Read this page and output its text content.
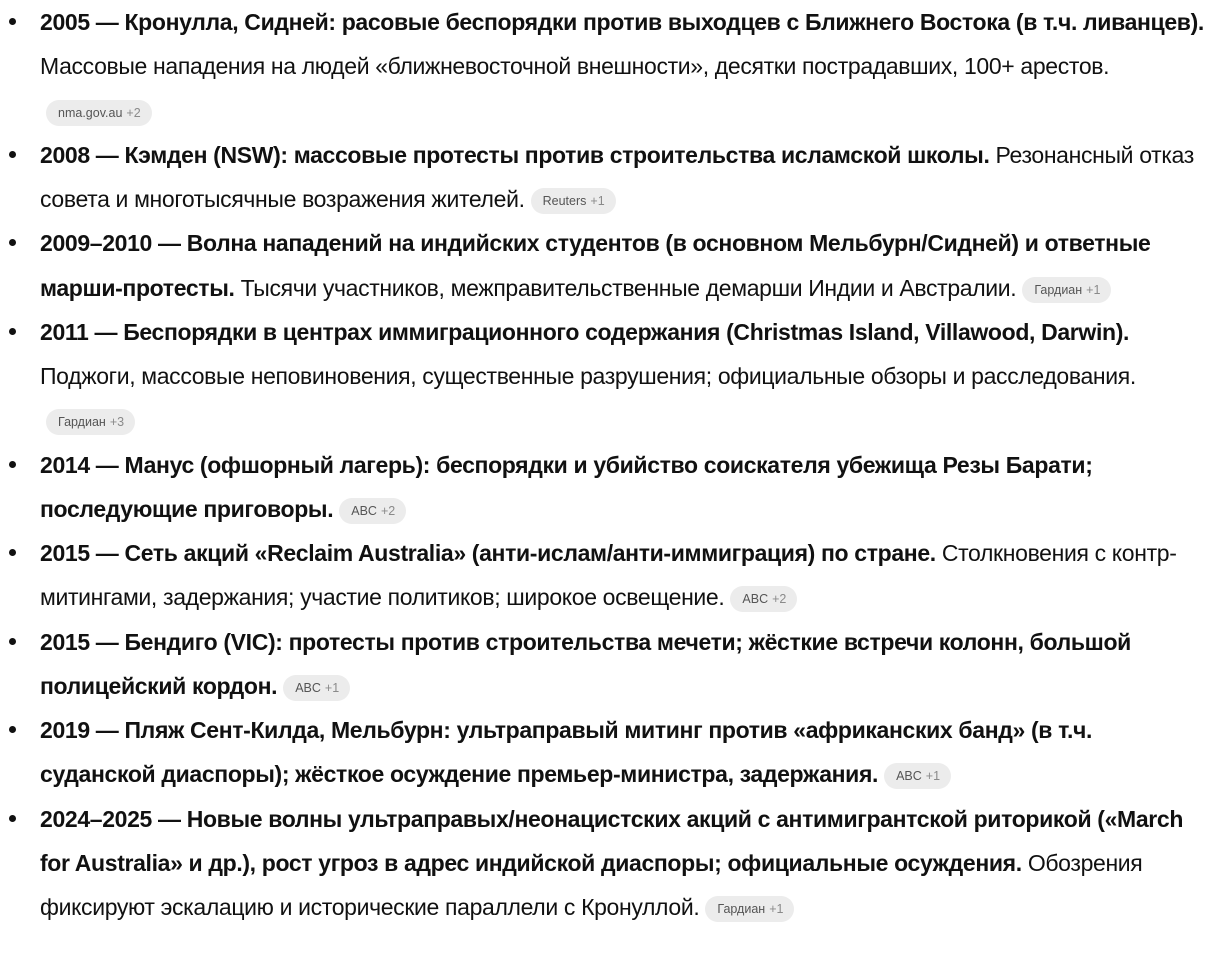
2005 — Кронулла, Сидней: расовые беспорядки против выходцев с Ближнего Востока (в т.ч. ливанцев). Массовые нападения на людей «ближневосточной внешности», десятки пострадавших, 100+ арестов.nma.gov.au +2
2008 — Кэмден (NSW): массовые протесты против строительства исламской школы. Резонансный отказ совета и многотысячные возражения жителей. Reuters +1
2009–2010 — Волна нападений на индийских студентов (в основном Мельбурн/Сидней) и ответные марши-протесты. Тысячи участников, межправительственные демарши Индии и Австралии. Гардиан +1
2011 — Беспорядки в центрах иммиграционного содержания (Christmas Island, Villawood, Darwin). Поджоги, массовые неповиновения, существенные разрушения; официальные обзоры и расследования.Гардиан +3
2014 — Манус (офшорный лагерь): беспорядки и убийство соискателя убежища Резы Барати; последующие приговоры. ABC +2
2015 — Сеть акций «Reclaim Australia» (анти-ислам/анти-иммиграция) по стране. Столкновения с контр-митингами, задержания; участие политиков; широкое освещение. ABC +2
2015 — Бендиго (VIC): протесты против строительства мечети; жёсткие встречи колонн, большой полицейский кордон. ABC +1
2019 — Пляж Сент-Килда, Мельбурн: ультраправый митинг против «африканских банд» (в т.ч. суданской диаспоры); жёсткое осуждение премьер-министра, задержания. ABC +1
2024–2025 — Новые волны ультраправых/неонацистских акций с антимигрантской риторикой («March for Australia» и др.), рост угроз в адрес индийской диаспоры; официальные осуждения. Обозрения фиксируют эскалацию и исторические параллели с Кронуллой. Гардиан +1
